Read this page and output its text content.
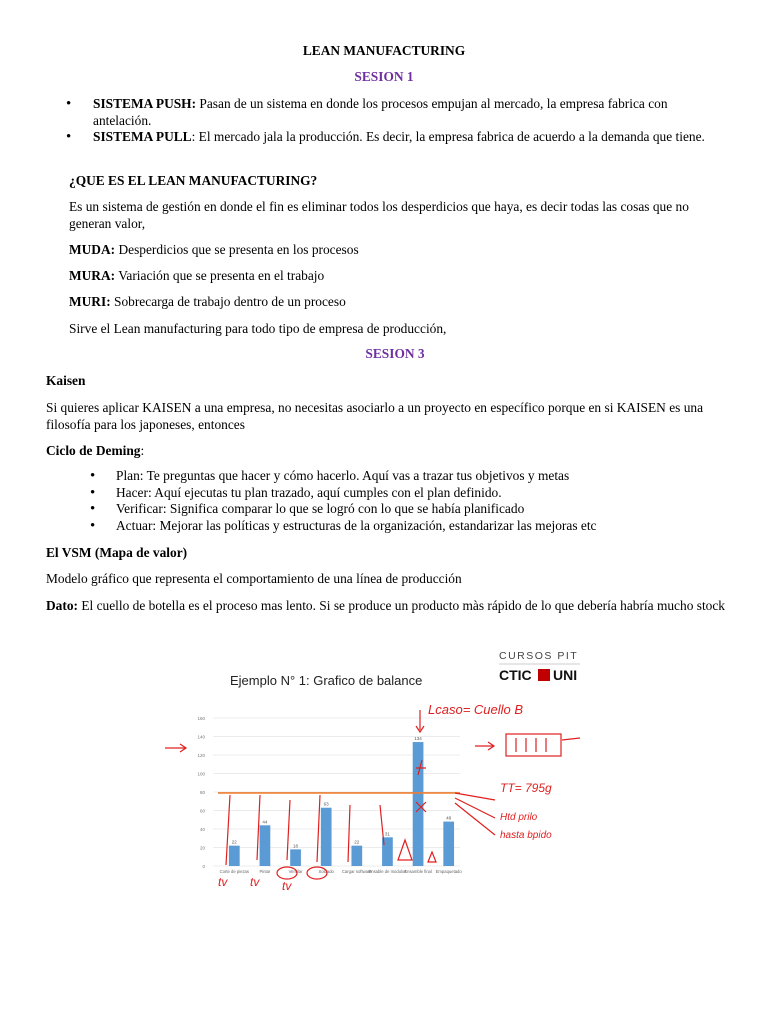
LEAN MANUFACTURING
SESION 1
• SISTEMA PUSH: Pasan de un sistema en donde los procesos empujan al mercado, la empresa fabrica con antelación.
• SISTEMA PULL: El mercado jala la producción. Es decir, la empresa fabrica de acuerdo a la demanda que tiene.
¿QUE ES EL LEAN MANUFACTURING?
Es un sistema de gestión en donde el fin es eliminar todos los desperdicios que haya, es decir todas las cosas que no generan valor,
MUDA: Desperdicios que se presenta en los procesos
MURA: Variación que se presenta en el trabajo
MURI: Sobrecarga de trabajo dentro de un proceso
Sirve el Lean manufacturing para todo tipo de empresa de producción,
SESION 3
Kaisen
Si quieres aplicar KAISEN a una empresa, no necesitas asociarlo a un proyecto en específico porque en si KAISEN es una filosofía para los japoneses, entonces
Ciclo de Deming:
• Plan: Te preguntas que hacer y cómo hacerlo. Aquí vas a trazar tus objetivos y metas
• Hacer: Aquí ejecutas tu plan trazado, aquí cumples con el plan definido.
• Verificar: Significa comparar lo que se logró con lo que se había planificado
• Actuar: Mejorar las políticas y estructuras de la organización, estandarizar las mejoras etc
El VSM (Mapa de valor)
Modelo gráfico que representa el comportamiento de una línea de producción
Dato: El cuello de botella es el proceso mas lento. Si se produce un producto màs rápido de lo que debería habría mucho stock
CURSOS PIT
CTIC UNI
Ejemplo N° 1: Grafico de balance
0
20
40
60
80
100
120
140
160
22
44
18
63
22
31
134
48
Corte de piezas Pintar	Ventilar	Soldado Cargar software
Ensable de modulos
Ensamble final Empaquetado
Lcaso= Cuello B
TT= 795g
Htd prilo
hasta bpido
tv tv tv
